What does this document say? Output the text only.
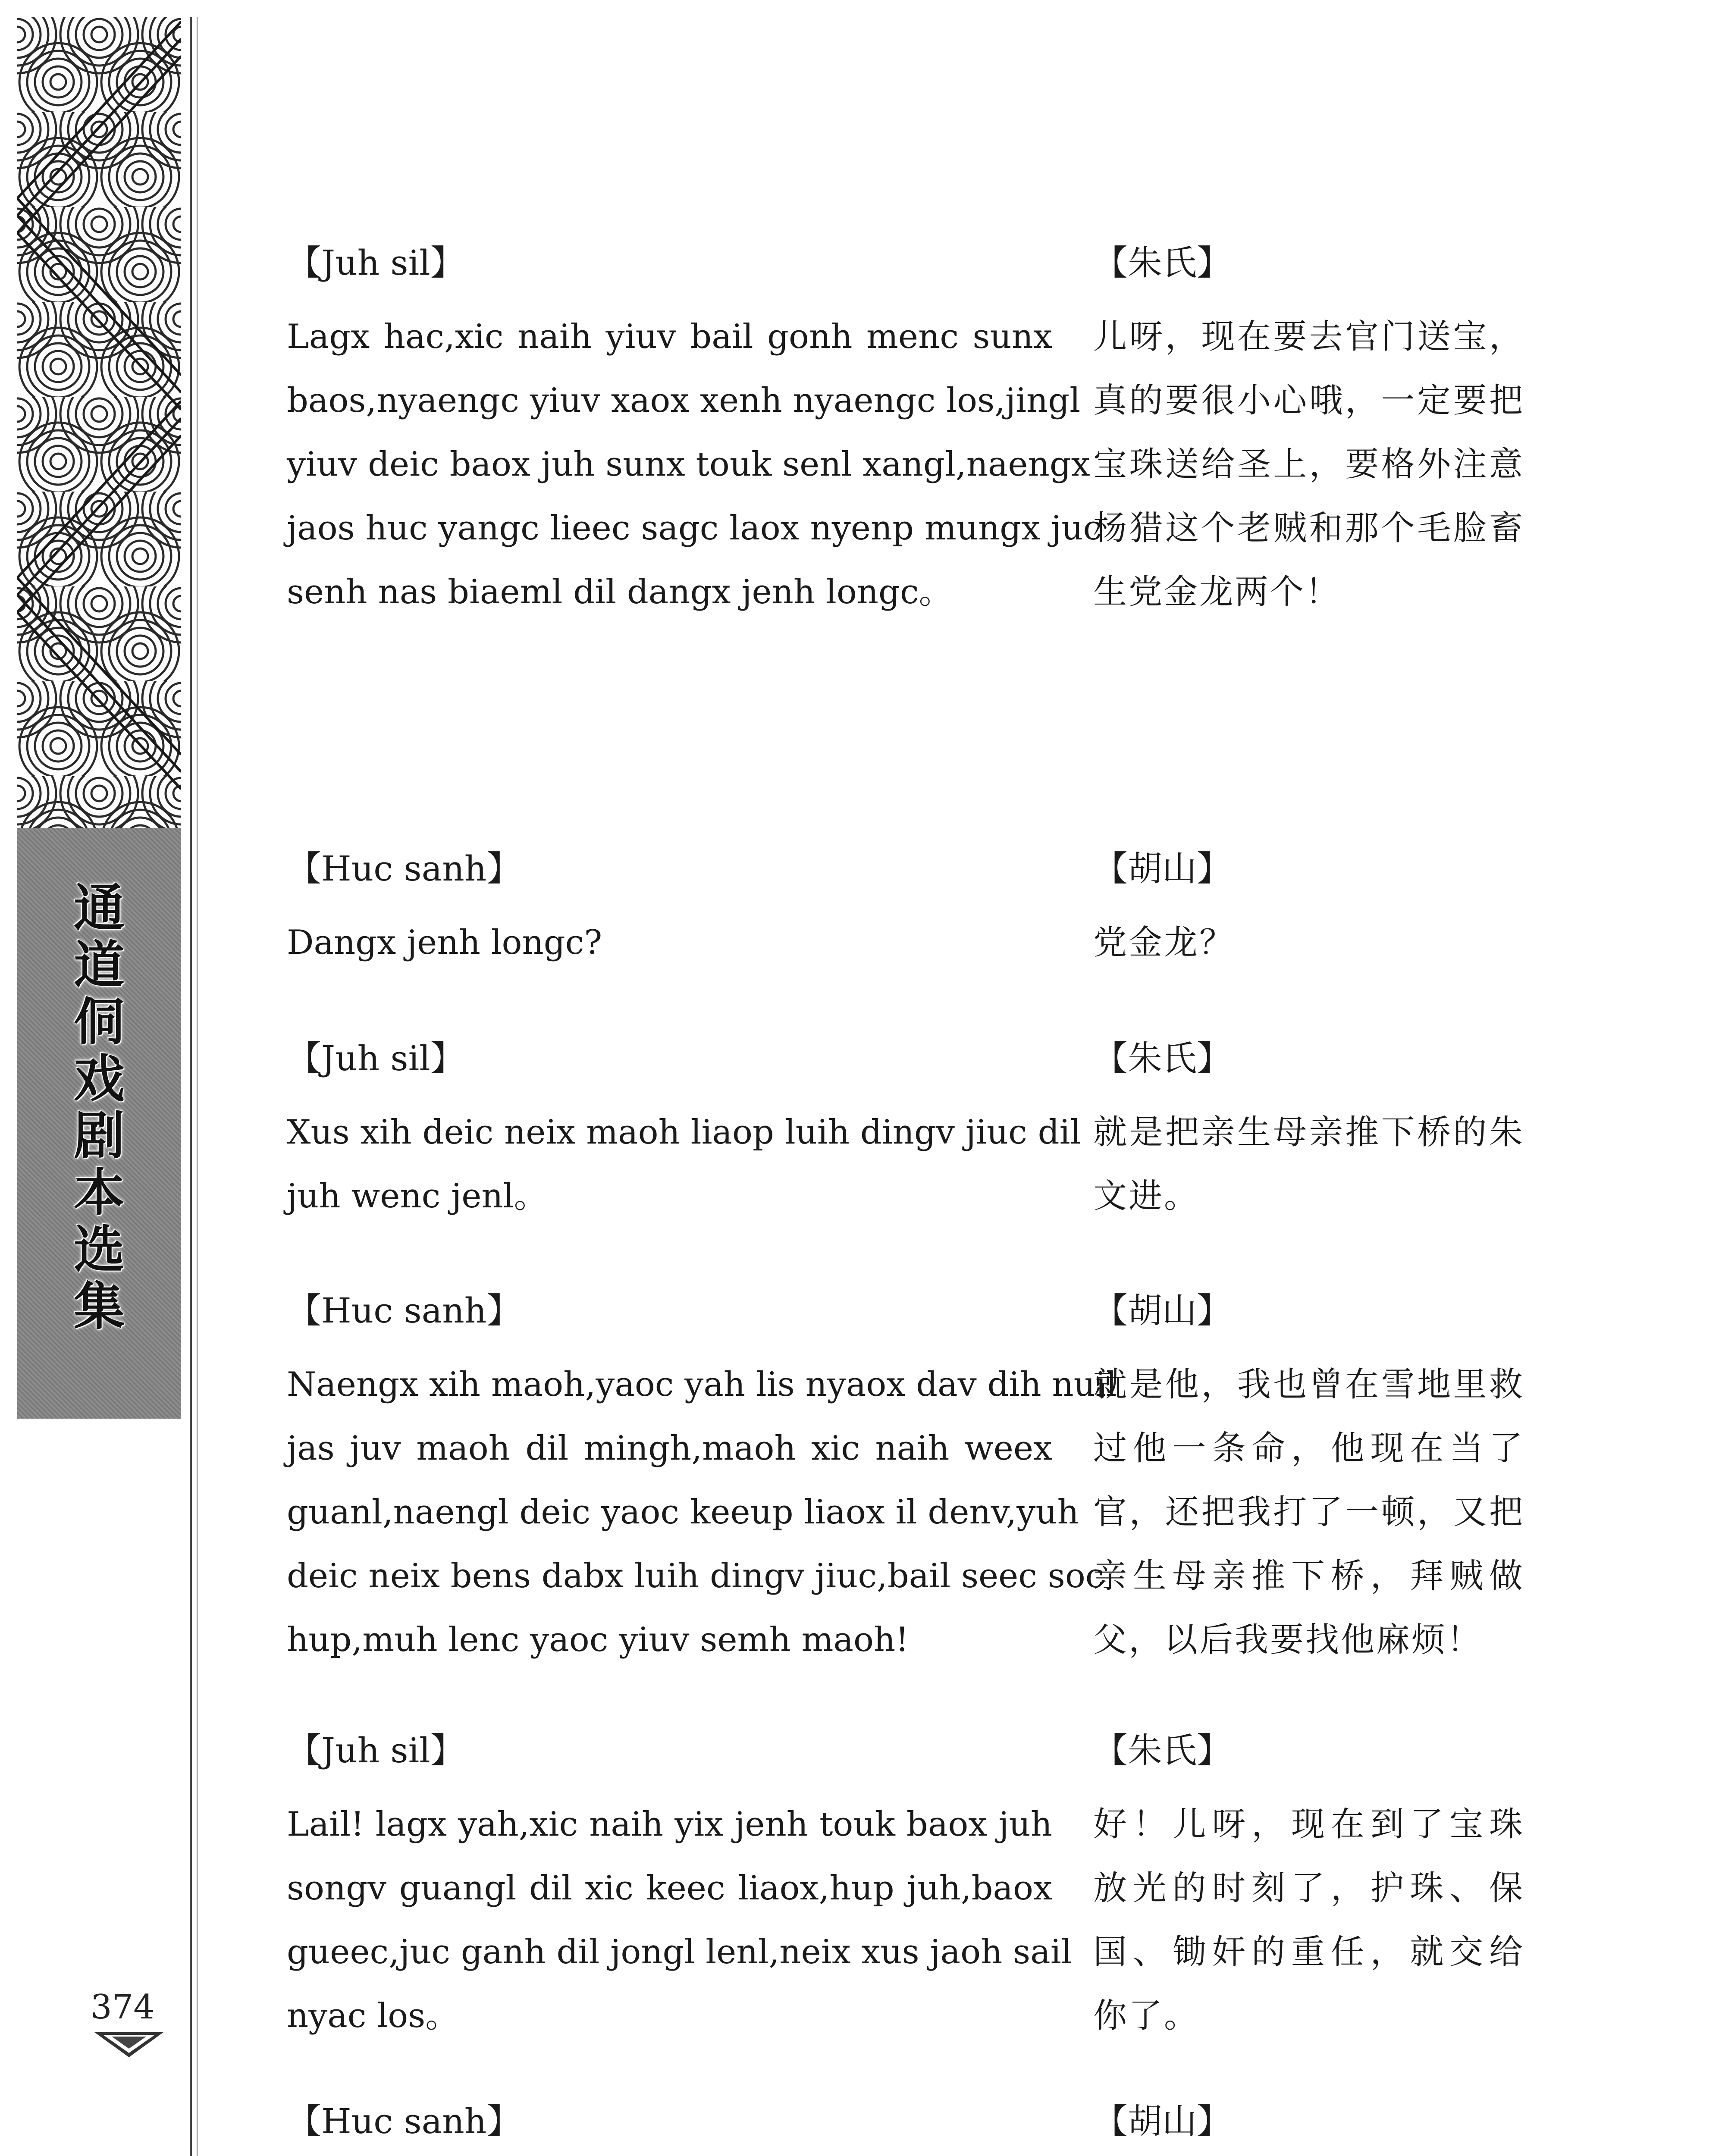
通
道
侗
戏
剧
本
选
集
374
【Juh sil】
Lagx hac,xic naih yiuv bail gonh menc sunx
baos,nyaengc yiuv xaox xenh nyaengc los,jingl
yiuv deic baox juh sunx touk senl xangl,naengx
jaos huc yangc lieec sagc laox nyenp mungx juc
senh nas biaeml dil dangx jenh longc。
【朱氏】
儿呀，现在要去官门送宝，
真的要很小心哦，一定要把
宝珠送给圣上，要格外注意
杨猎这个老贼和那个毛脸畜
生党金龙两个！
【Huc sanh】
Dangx jenh longc?
【胡山】
党金龙？
【Juh sil】
Xus xih deic neix maoh liaop luih dingv jiuc dil
juh wenc jenl。
【朱氏】
就是把亲生母亲推下桥的朱
文进。
【Huc sanh】
Naengx xih maoh,yaoc yah lis nyaox dav dih nuil
jas juv maoh dil mingh,maoh xic naih weex
guanl,naengl deic yaoc keeup liaox il denv,yuh
deic neix bens dabx luih dingv jiuc,bail seec soc
hup,muh lenc yaoc yiuv semh maoh!
【胡山】
就是他，我也曾在雪地里救
过他一条命，他现在当了
官，还把我打了一顿，又把
亲生母亲推下桥，拜贼做
父，以后我要找他麻烦！
【Juh sil】
Lail! lagx yah,xic naih yix jenh touk baox juh
songv guangl dil xic keec liaox,hup juh,baox
gueec,juc ganh dil jongl lenl,neix xus jaoh sail
nyac los。
【朱氏】
好！儿呀，现在到了宝珠
放光的时刻了，护珠、保
国、锄奸的重任，就交给
你了。
【Huc sanh】	【胡山】
